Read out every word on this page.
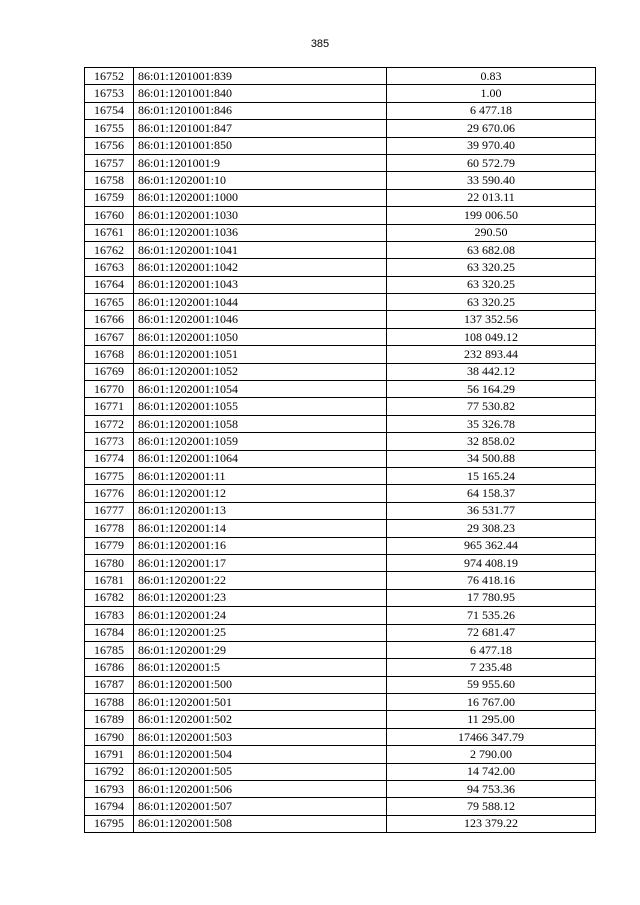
385
16752	86:01:1201001:839	0.83
16753	86:01:1201001:840	1.00
16754	86:01:1201001:846	6 477.18
16755	86:01:1201001:847	29 670.06
16756	86:01:1201001:850	39 970.40
16757	86:01:1201001:9	60 572.79
16758	86:01:1202001:10	33 590.40
16759	86:01:1202001:1000	22 013.11
16760	86:01:1202001:1030	199 006.50
16761	86:01:1202001:1036	290.50
16762	86:01:1202001:1041	63 682.08
16763	86:01:1202001:1042	63 320.25
16764	86:01:1202001:1043	63 320.25
16765	86:01:1202001:1044	63 320.25
16766	86:01:1202001:1046	137 352.56
16767	86:01:1202001:1050	108 049.12
16768	86:01:1202001:1051	232 893.44
16769	86:01:1202001:1052	38 442.12
16770	86:01:1202001:1054	56 164.29
16771	86:01:1202001:1055	77 530.82
16772	86:01:1202001:1058	35 326.78
16773	86:01:1202001:1059	32 858.02
16774	86:01:1202001:1064	34 500.88
16775	86:01:1202001:11	15 165.24
16776	86:01:1202001:12	64 158.37
16777	86:01:1202001:13	36 531.77
16778	86:01:1202001:14	29 308.23
16779	86:01:1202001:16	965 362.44
16780	86:01:1202001:17	974 408.19
16781	86:01:1202001:22	76 418.16
16782	86:01:1202001:23	17 780.95
16783	86:01:1202001:24	71 535.26
16784	86:01:1202001:25	72 681.47
16785	86:01:1202001:29	6 477.18
16786	86:01:1202001:5	7 235.48
16787	86:01:1202001:500	59 955.60
16788	86:01:1202001:501	16 767.00
16789	86:01:1202001:502	11 295.00
16790	86:01:1202001:503	17466 347.79
16791	86:01:1202001:504	2 790.00
16792	86:01:1202001:505	14 742.00
16793	86:01:1202001:506	94 753.36
16794	86:01:1202001:507	79 588.12
16795	86:01:1202001:508	123 379.22
